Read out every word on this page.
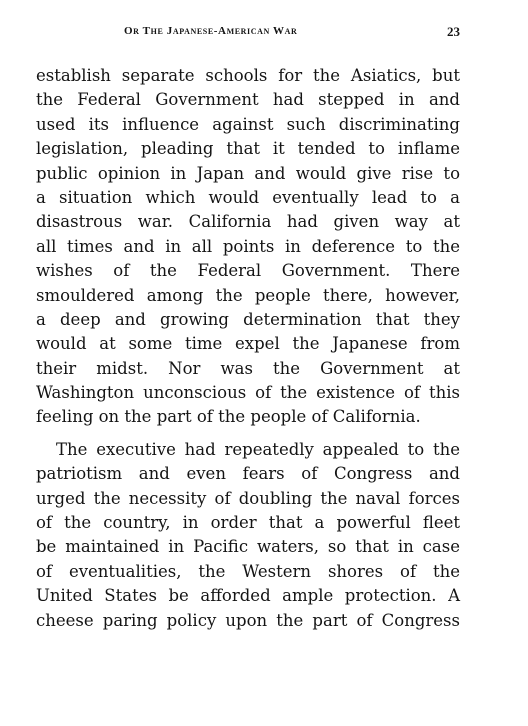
Or The Japanese-American War	23
establish separate schools for the Asiatics, but
the Federal Government had stepped in and
used its influence against such discriminating
legislation, pleading that it tended to inflame
public opinion in Japan and would give rise to
a situation which would eventually lead to a
disastrous war. California had given way at
all times and in all points in deference to the
wishes of the Federal Government. There
smouldered among the people there, however,
a deep and growing determination that they
would at some time expel the Japanese from
their midst. Nor was the Government at
Washington unconscious of the existence of this
feeling on the part of the people of California.
The executive had repeatedly appealed to the
patriotism and even fears of Congress and
urged the necessity of doubling the naval forces
of the country, in order that a powerful fleet
be maintained in Pacific waters, so that in case
of eventualities, the Western shores of the
United States be afforded ample protection. A
cheese paring policy upon the part of Congress
